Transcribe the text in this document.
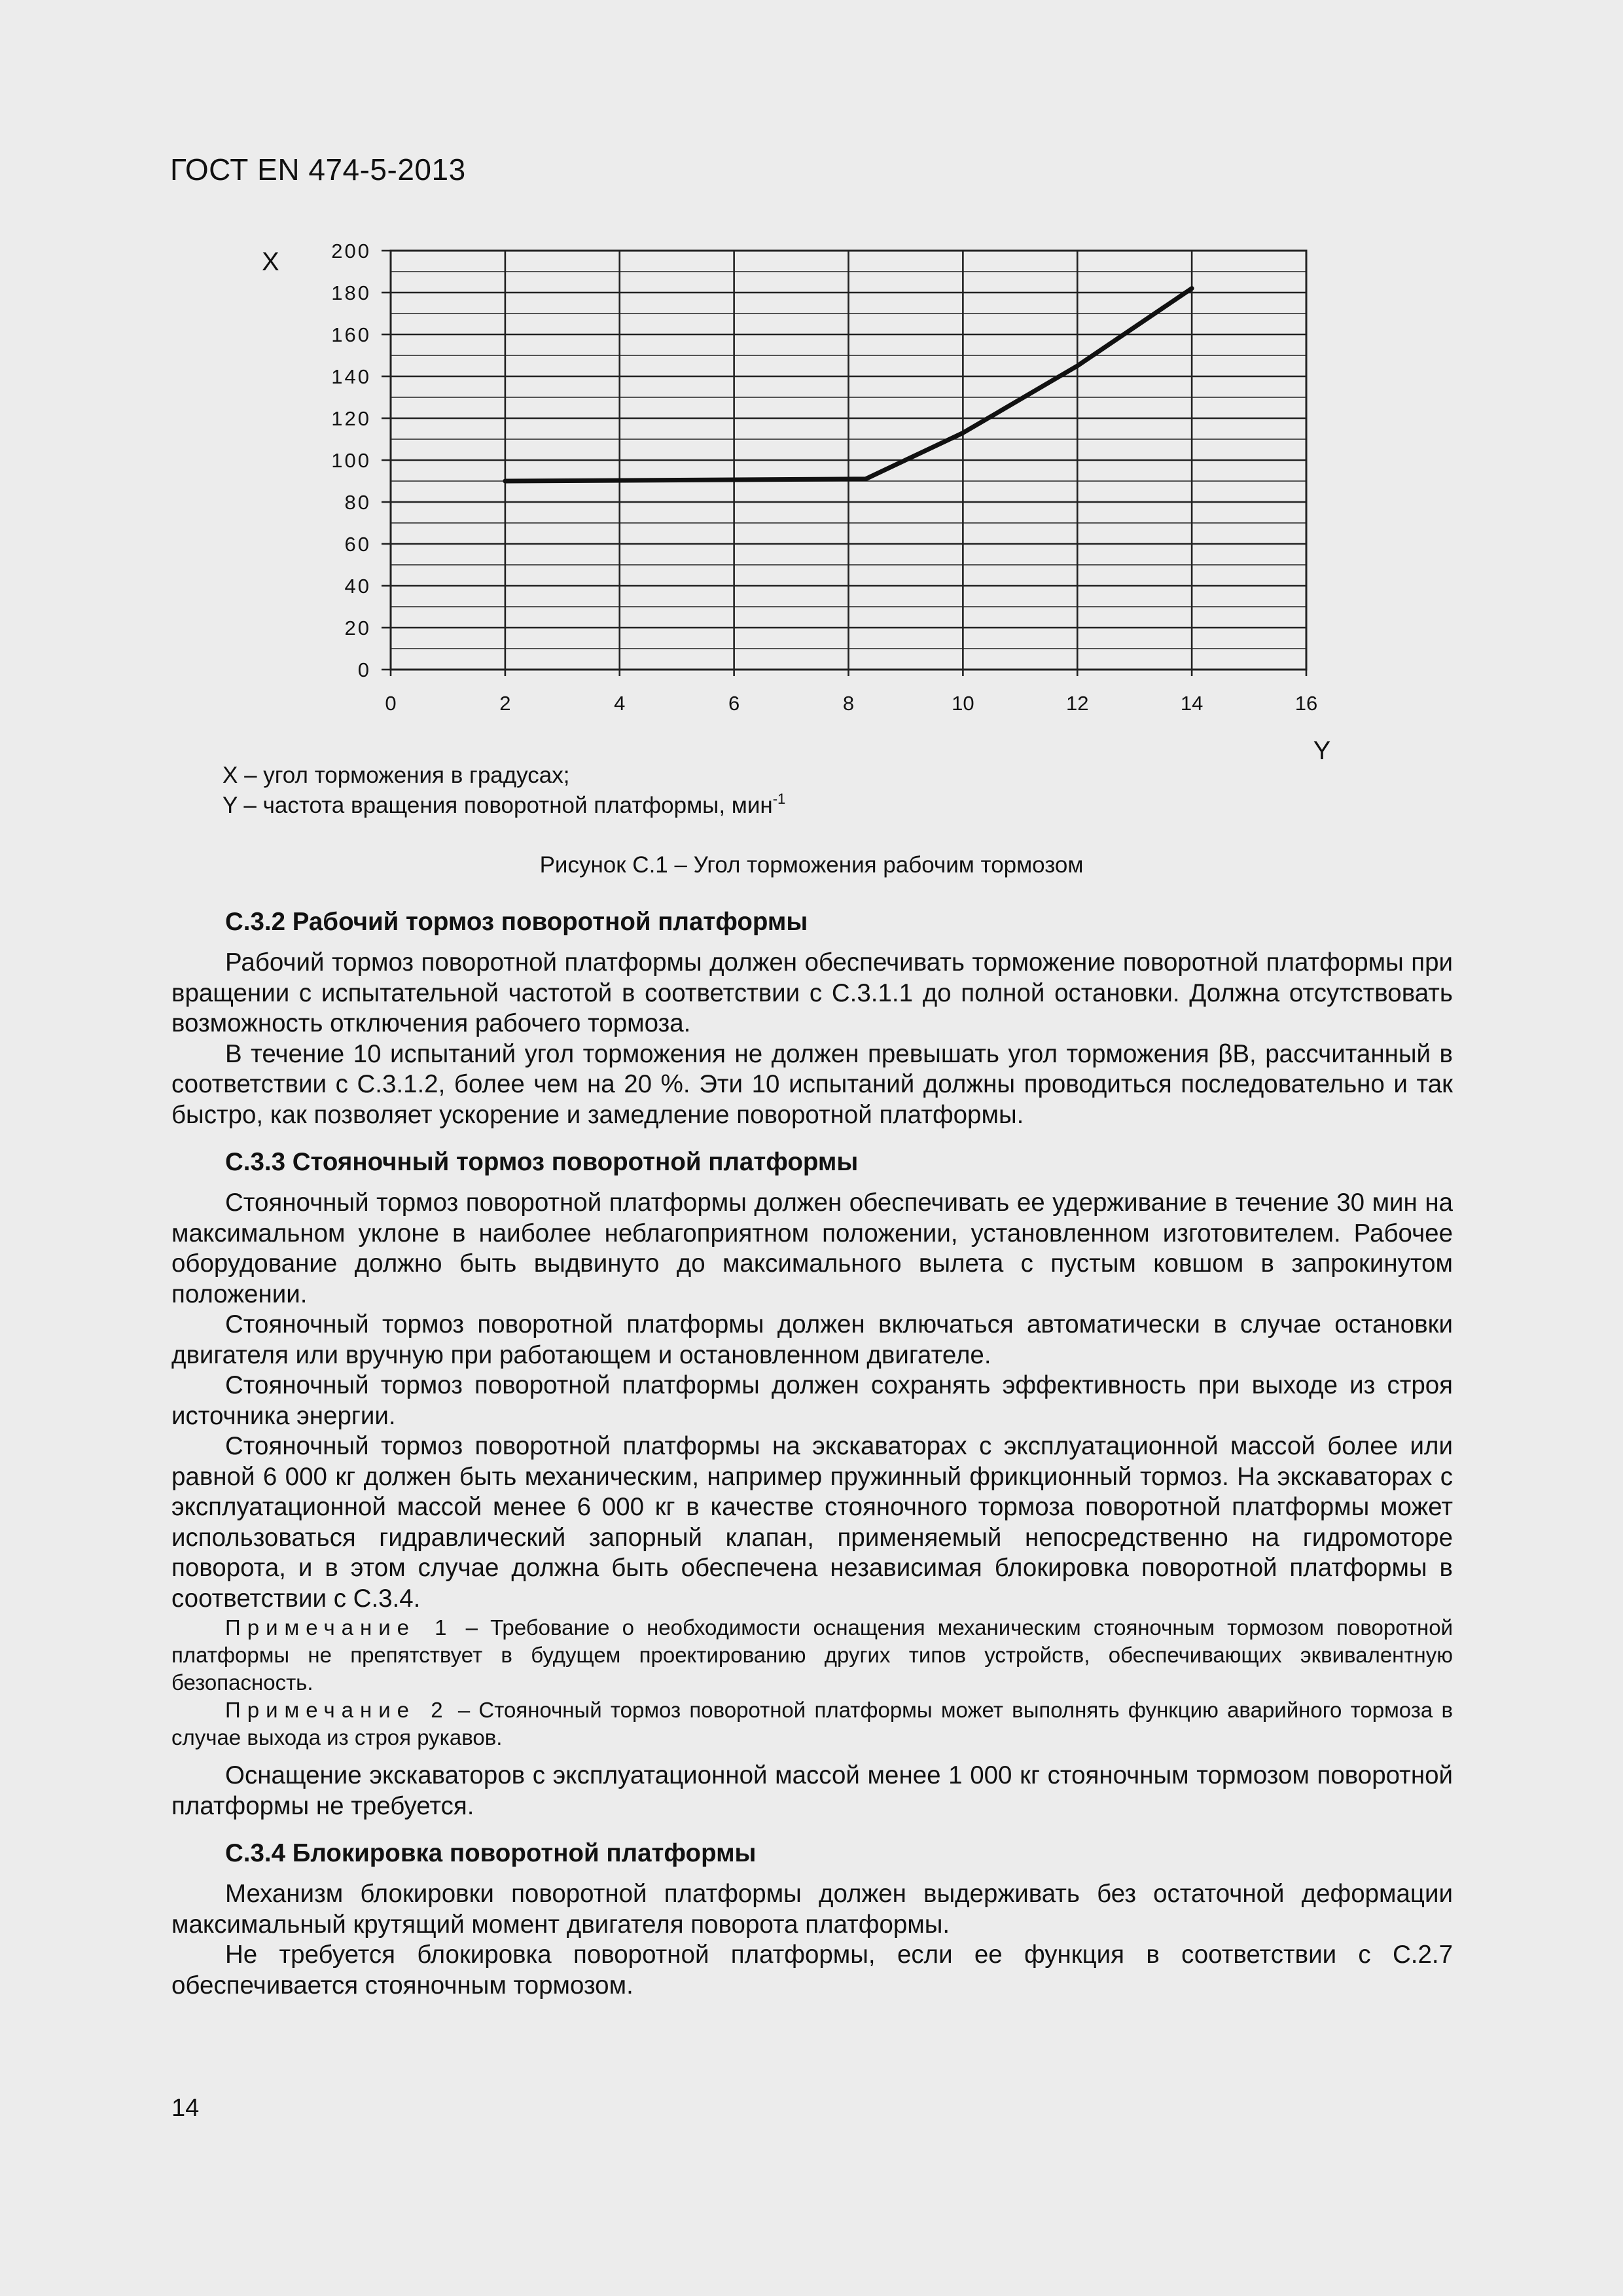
ГОСТ EN 474-5-2013
0
20
40
60
80
100
120
140
160
180
200
0	2	4	6	8	10	12	14	16
X
Y
X – угол торможения в градусах;
Y – частота вращения поворотной платформы, мин$^{-1}$
Рисунок С.1 – Угол торможения рабочим тормозом
С.3.2 Рабочий тормоз поворотной платформы

Рабочий тормоз поворотной платформы должен обеспечивать торможение поворотной платформы при вращении с испытательной частотой в соответствии с С.3.1.1 до полной остановки. Должна отсутствовать возможность отключения рабочего тормоза.

В течение 10 испытаний угол торможения не должен превышать угол торможения βB, рассчитанный в соответствии с С.3.1.2, более чем на 20 %. Эти 10 испытаний должны проводиться последовательно и так быстро, как позволяет ускорение и замедление поворотной платформы.

С.3.3 Стояночный тормоз поворотной платформы

Стояночный тормоз поворотной платформы должен обеспечивать ее удерживание в течение 30 мин на максимальном уклоне в наиболее неблагоприятном положении, установленном изготовителем. Рабочее оборудование должно быть выдвинуто до максимального вылета с пустым ковшом в запрокинутом положении.

Стояночный тормоз поворотной платформы должен включаться автоматически в случае остановки двигателя или вручную при работающем и остановленном двигателе.

Стояночный тормоз поворотной платформы должен сохранять эффективность при выходе из строя источника энергии.

Стояночный тормоз поворотной платформы на экскаваторах с эксплуатационной массой более или равной 6 000 кг должен быть механическим, например пружинный фрикционный тормоз. На экскаваторах с эксплуатационной массой менее 6 000 кг в качестве стояночного тормоза поворотной платформы может использоваться гидравлический запорный клапан, применяемый непосредственно на гидромоторе поворота, и в этом случае должна быть обеспечена независимая блокировка поворотной платформы в соответствии с С.3.4.

Примечание 1 – Требование о необходимости оснащения механическим стояночным тормозом поворотной платформы не препятствует в будущем проектированию других типов устройств, обеспечивающих эквивалентную безопасность.

Примечание 2 – Стояночный тормоз поворотной платформы может выполнять функцию аварийного тормоза в случае выхода из строя рукавов.

Оснащение экскаваторов с эксплуатационной массой менее 1 000 кг стояночным тормозом поворотной платформы не требуется.

С.3.4 Блокировка поворотной платформы

Механизм блокировки поворотной платформы должен выдерживать без остаточной деформации максимальный крутящий момент двигателя поворота платформы.

Не требуется блокировка поворотной платформы, если ее функция в соответствии с С.2.7 обеспечивается стояночным тормозом.

14
